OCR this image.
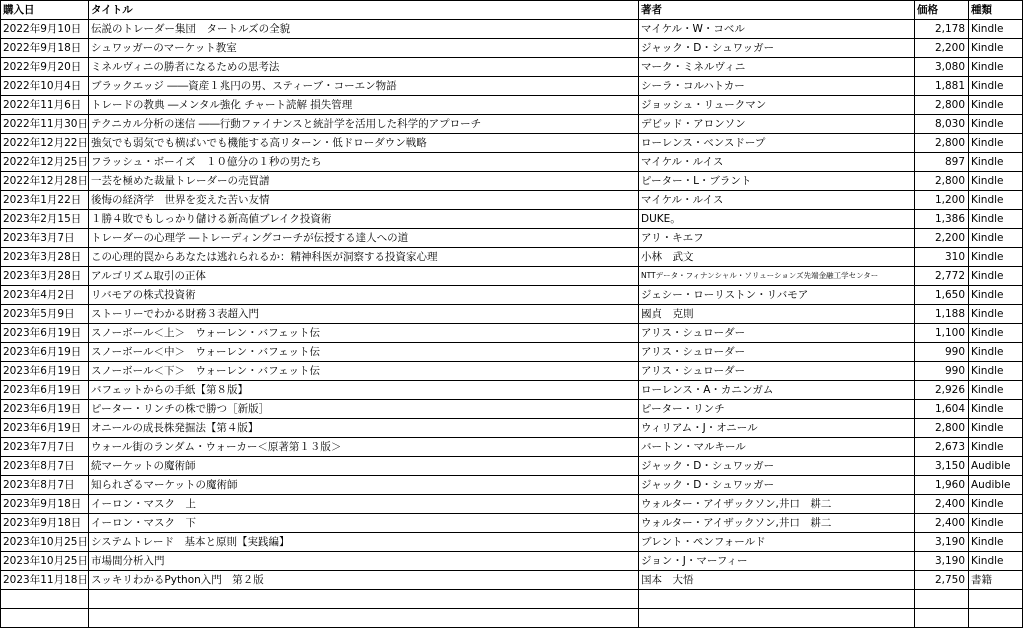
購入日	タイトル	著者	価格	種類
2022年9月10日	伝説のトレーダー集団　タートルズの全貌	マイケル・W・コベル	2,178	Kindle
2022年9月18日	シュワッガーのマーケット教室	ジャック・D・シュワッガー	2,200	Kindle
2022年9月20日	ミネルヴィニの勝者になるための思考法	マーク・ミネルヴィニ	3,080	Kindle
2022年10月4日	ブラックエッジ ――資産１兆円の男、スティーブ・コーエン物語	シーラ・コルハトカー	1,881	Kindle
2022年11月6日	トレードの教典 ―メンタル強化 チャート読解 損失管理	ジョッシュ・リュークマン	2,800	Kindle
2022年11月30日	テクニカル分析の迷信 ――行動ファイナンスと統計学を活用した科学的アプローチ	デビッド・アロンソン	8,030	Kindle
2022年12月22日	強気でも弱気でも横ばいでも機能する高リターン・低ドローダウン戦略	ローレンス・ベンスドープ	2,800	Kindle
2022年12月25日	フラッシュ・ボーイズ　１０億分の１秒の男たち	マイケル・ルイス	897	Kindle
2022年12月28日	一芸を極めた裁量トレーダーの売買譜	ピーター・L・ブラント	2,800	Kindle
2023年1月22日	後悔の経済学　世界を変えた苦い友情	マイケル・ルイス	1,200	Kindle
2023年2月15日	１勝４敗でもしっかり儲ける新高値ブレイク投資術	DUKE。	1,386	Kindle
2023年3月7日	トレーダーの心理学 ―トレーディングコーチが伝授する達人への道	アリ・キエフ	2,200	Kindle
2023年3月28日	この心理的罠からあなたは逃れられるか：精神科医が洞察する投資家心理	小林　武文	310	Kindle
2023年3月28日	アルゴリズム取引の正体	NTTデータ・フィナンシャル・ソリューションズ先端金融工学センター	2,772	Kindle
2023年4月2日	リバモアの株式投資術	ジェシー・ローリストン・リバモア	1,650	Kindle
2023年5月9日	ストーリーでわかる財務３表超入門	國貞　克則	1,188	Kindle
2023年6月19日	スノーボール＜上＞　ウォーレン・バフェット伝	アリス・シュローダー	1,100	Kindle
2023年6月19日	スノーボール＜中＞　ウォーレン・バフェット伝	アリス・シュローダー	990	Kindle
2023年6月19日	スノーボール＜下＞　ウォーレン・バフェット伝	アリス・シュローダー	990	Kindle
2023年6月19日	バフェットからの手紙【第８版】	ローレンス・A・カニンガム	2,926	Kindle
2023年6月19日	ピーター・リンチの株で勝つ［新版］	ピーター・リンチ	1,604	Kindle
2023年6月19日	オニールの成長株発掘法【第４版】	ウィリアム・J・オニール	2,800	Kindle
2023年7月7日	ウォール街のランダム・ウォーカー＜原著第１３版＞	バートン・マルキール	2,673	Kindle
2023年8月7日	続マーケットの魔術師	ジャック・D・シュワッガー	3,150	Audible
2023年8月7日	知られざるマーケットの魔術師	ジャック・D・シュワッガー	1,960	Audible
2023年9月18日	イーロン・マスク　上	ウォルター・アイザックソン,井口　耕二	2,400	Kindle
2023年9月18日	イーロン・マスク　下	ウォルター・アイザックソン,井口　耕二	2,400	Kindle
2023年10月25日	システムトレード　基本と原則【実践編】	ブレント・ペンフォールド	3,190	Kindle
2023年10月25日	市場間分析入門	ジョン・J・マーフィー	3,190	Kindle
2023年11月18日	スッキリわかるPython入門　第２版	国本　大悟	2,750	書籍
